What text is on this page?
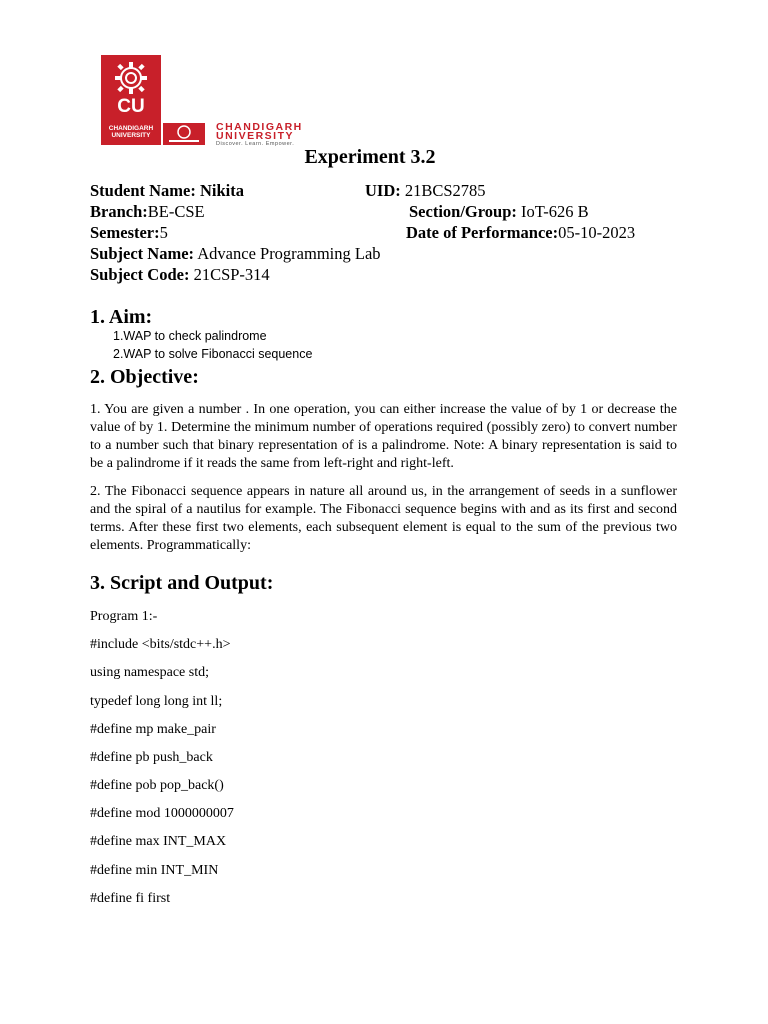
CU
CHANDIGARH UNIVERSITY
CHANDIGARH
UNIVERSITY
Discover. Learn. Empower.
Experiment 3.2
Student Name: Nikita	UID: 21BCS2785
Branch:BE-CSE	Section/Group: IoT-626 B
Semester:5	Date of Performance:05-10-2023
Subject Name: Advance Programming Lab
Subject Code: 21CSP-314
1. Aim:
1.WAP to check palindrome
2.WAP to solve Fibonacci sequence
2. Objective:
1. You are given a number . In one operation, you can either increase the value of by 1 or decrease the value of by 1. Determine the minimum number of operations required (possibly zero) to convert number to a number such that binary representation of is a palindrome. Note: A binary representation is said to be a palindrome if it reads the same from left-right and right-left.
2. The Fibonacci sequence appears in nature all around us, in the arrangement of seeds in a sunflower and the spiral of a nautilus for example. The Fibonacci sequence begins with and as its first and second terms. After these first two elements, each subsequent element is equal to the sum of the previous two elements. Programmatically:
3. Script and Output:
Program 1:-
#include <bits/stdc++.h>
using namespace std;
typedef long long int ll;
#define mp make_pair
#define pb push_back
#define pob pop_back()
#define mod 1000000007
#define max INT_MAX
#define min INT_MIN
#define fi first
